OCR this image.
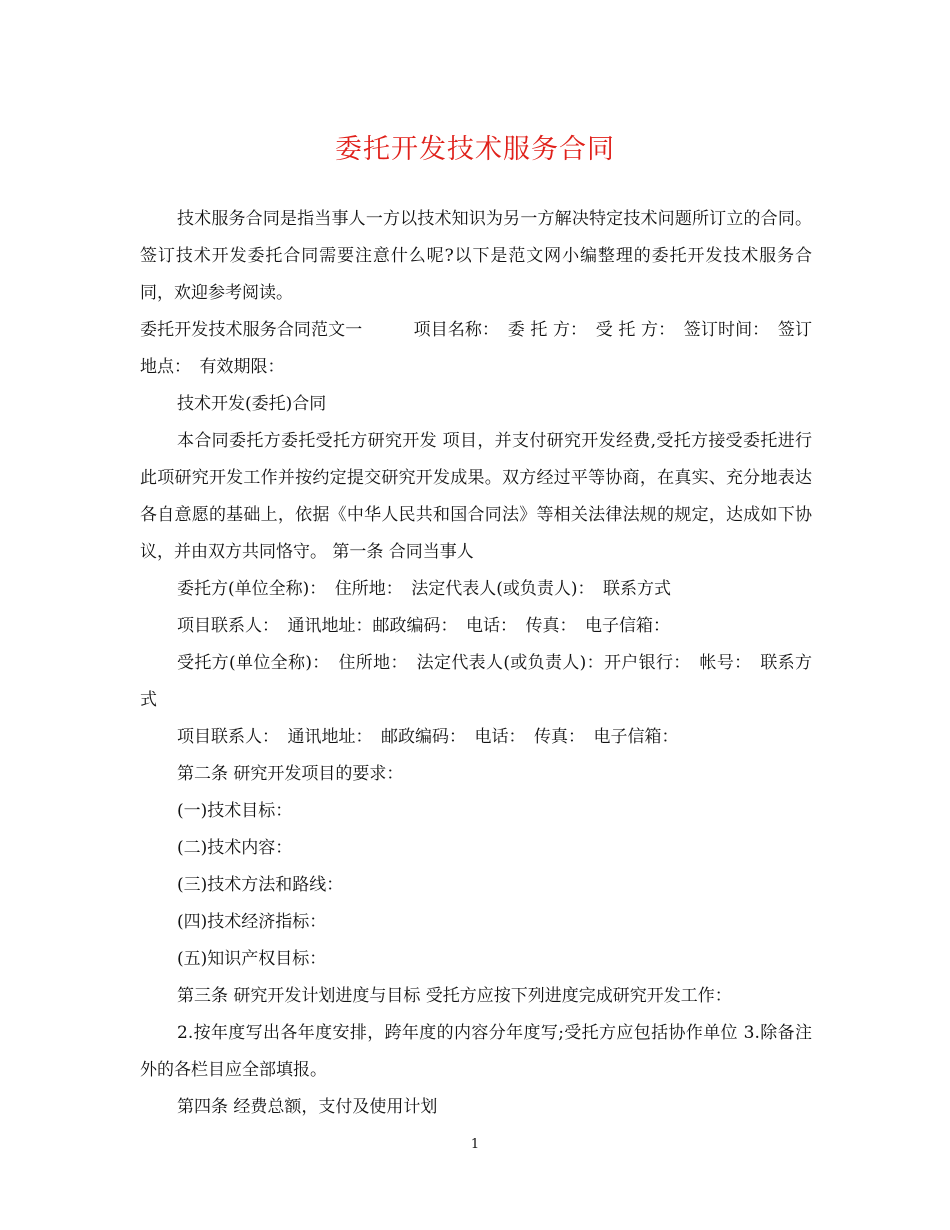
委托开发技术服务合同

技术服务合同是指当事人一方以技术知识为另一方解决特定技术问题所订立的合同。签订技术开发委托合同需要注意什么呢?以下是范文网小编整理的委托开发技术服务合同，欢迎参考阅读。

委托开发技术服务合同范文一　　　项目名称：　委 托 方：　受 托 方：　签订时间：　签订地点：　有效期限：

技术开发(委托)合同

本合同委托方委托受托方研究开发 项目，并支付研究开发经费,受托方接受委托进行此项研究开发工作并按约定提交研究开发成果。双方经过平等协商，在真实、充分地表达各自意愿的基础上，依据《中华人民共和国合同法》等相关法律法规的规定，达成如下协议，并由双方共同恪守。 第一条 合同当事人

委托方(单位全称)：　住所地：　法定代表人(或负责人)：　联系方式

项目联系人：　通讯地址：邮政编码：　电话：　传真：　电子信箱：

受托方(单位全称)：　住所地：　法定代表人(或负责人)：开户银行：　帐号：　联系方式

项目联系人：　通讯地址：　邮政编码：　电话：　传真：　电子信箱：

第二条 研究开发项目的要求：

(一)技术目标：

(二)技术内容：

(三)技术方法和路线：

(四)技术经济指标：

(五)知识产权目标：

第三条 研究开发计划进度与目标 受托方应按下列进度完成研究开发工作：

2.按年度写出各年度安排，跨年度的内容分年度写;受托方应包括协作单位 3.除备注外的各栏目应全部填报。

第四条 经费总额，支付及使用计划

1
